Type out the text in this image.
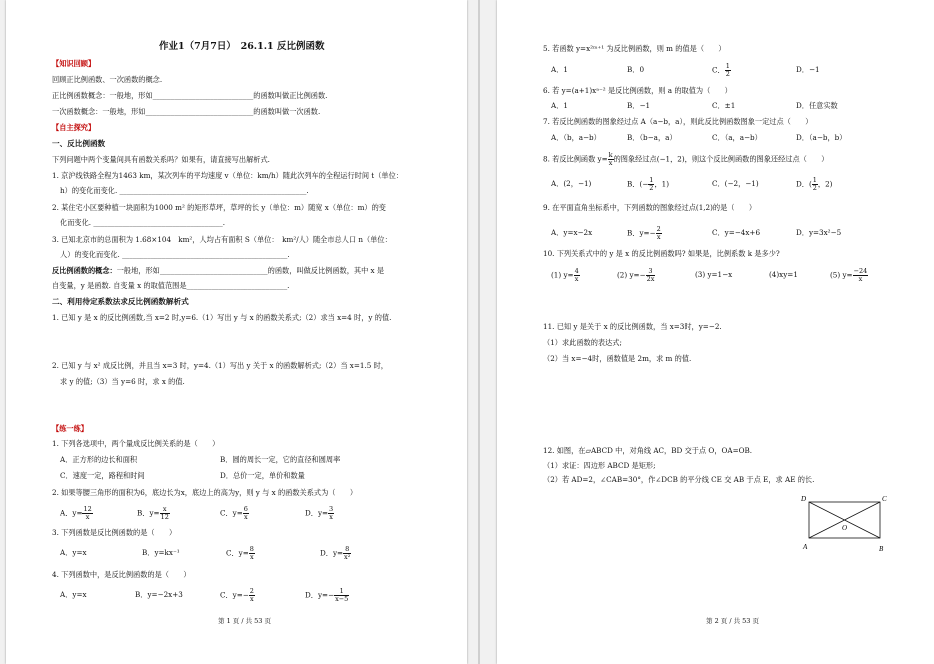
作业1（7月7日）　26.1.1 反比例函数
【知识回顾】
回顾正比例函数、一次函数的概念.
正比例函数概念：一般地，形如____________________________的函数叫做正比例函数.
一次函数概念：一般地，形如______________________________的函数叫做一次函数.
【自主探究】
一、反比例函数
下列问题中两个变量间具有函数关系吗？如果有，请直接写出解析式.
1. 京沪线铁路全程为1463 km，某次列车的平均速度 v（单位：km/h）随此次列车的全程运行时间 t（单位：
h）的变化而变化. ____________________________________________________.
2. 某住宅小区要种植一块面积为1000 m² 的矩形草坪，草坪的长 y（单位：m）随宽 x（单位：m）的变
化而变化. ____________________________________.
3. 已知北京市的总面积为 1.68×104　km²，人均占有面积 S（单位：　km²/人）随全市总人口 n（单位：
人）的变化而变化. ______________________________________________.
反比例函数的概念：一般地，形如______________________________的函数，叫做反比例函数，其中 x 是
自变量，y 是函数. 自变量 x 的取值范围是____________________________.
二、利用待定系数法求反比例函数解析式
1. 已知 y 是 x 的反比例函数,当 x=2 时,y=6.（1）写出 y 与 x 的函数关系式;（2）求当 x=4 时，y 的值.
2. 已知 y 与 x² 成反比例，并且当 x=3 时，y=4.（1）写出 y 关于 x 的函数解析式;（2）当 x=1.5 时，
求 y 的值;（3）当 y=6 时，求 x 的值.
【练一练】
1. 下列各选项中，两个量成反比例关系的是（　　）
A．正方形的边长和面积	B．圆的周长一定，它的直径和圆周率
C．速度一定，路程和时间	D．总价一定，单价和数量
2. 如果等腰三角形的面积为6，底边长为x，底边上的高为y，则 y 与 x 的函数关系式为（　　）
A．$y= \frac{12}{x}$	B．$y= \frac{x}{12}$	C．$y= \frac{6}{x}$	D．$y= \frac{3}{x}$
3. 下列函数是反比例函数的是（　　）
A．y=x	B．y=kx⁻¹	C．$y= \frac{8}{x}$	D．$y= \frac{8}{\text{x²}}$
4. 下列函数中，是反比例函数的是（　　）
A．y=x	B．y=−2x+3	C．$y=- \frac{2}{x}$	D．$y=- \frac{1}{x-5}$
第 1 页 / 共 53 页
5. 若函数 y=x²ᵐ⁺¹ 为反比例函数，则 m 的值是（　　）
A．1	B．0	C． $\frac{1}{2}$	D．−1
6. 若 y=(a+1)xᵃ⁻² 是反比例函数，则 a 的取值为（　　）
A．1	B．−1	C．±1	D．任意实数
7. 若反比例函数的图象经过点 A（a−b，a），则此反比例函数图象一定过点（　　）
A．（b，a−b）	B．（b−a，a）	C．（a，a−b）	D．（a−b，b）
8. 若反比例函数 $y= \frac{k}{x}$ 的图象经过点(−1，2)，则这个反比例函数的图象还经过点（　　）
A．(2，−1)	B．(− $\frac{1}{2}$ ，1)	C．(−2，−1)	D．( $\frac{1}{2}$ ，2)
9. 在平面直角坐标系中，下列函数的图象经过点(1,2)的是（　　）
A．y=x−2x	B．$y=- \frac{2}{x}$	C．y=−4x+6	D．y=3x²−5
10. 下列关系式中的 y 是 x 的反比例函数吗? 如果是，比例系数 k 是多少?
(1) $y= \frac{4}{x}$	(2) $y=- \frac{3}{2x}$	(3) y=1−x	(4)xy=1	(5) $y= \frac{-24}{x}$
11. 已知 y 是关于 x 的反比例函数，当 x=3时，y=−2.
（1）求此函数的表达式;
（2）当 x=−4时，函数值是 2m，求 m 的值.
12. 如图，在▱ABCD 中，对角线 AC，BD 交于点 O，OA=OB.
（1）求证：四边形 ABCD 是矩形;
（2）若 AD=2，∠CAB=30°，作∠DCB 的平分线 CE 交 AB 于点 E，求 AE 的长.
D	C
O
A	B
第 2 页 / 共 53 页
